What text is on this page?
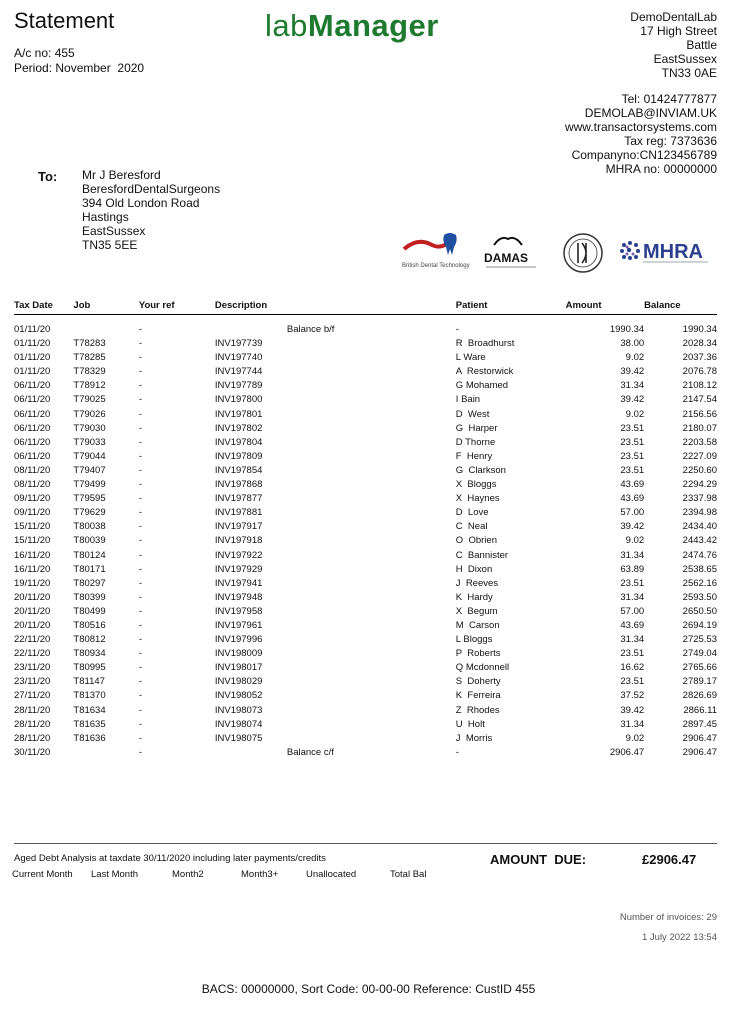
Statement
A/c no: 455
Period: November  2020
labManager	DemoDentalLab
17 High Street
Battle
EastSussex
TN33 0AE
Tel: 01424777877
DEMOLAB@INVIAM.UK
www.transactorsystems.com
Tax reg: 7373636
Companyno:CN123456789
MHRA no: 00000000
To: Mr J Beresford
BeresfordDentalSurgeons
394 Old London Road
Hastings
EastSussex
TN35 5EE
British Dental Technology
DAMAS	MHRA
Tax Date	Job	Your ref	Description	Patient	Amount	Balance

01/11/20		-	Balance b/f	-	1990.34	1990.34
01/11/20	T78283	-	INV197739	R  Broadhurst	38.00	2028.34
01/11/20	T78285	-	INV197740	L Ware	9.02	2037.36
01/11/20	T78329	-	INV197744	A  Restorwick	39.42	2076.78
06/11/20	T78912	-	INV197789	G Mohamed	31.34	2108.12
06/11/20	T79025	-	INV197800	I Bain	39.42	2147.54
06/11/20	T79026	-	INV197801	D  West	9.02	2156.56
06/11/20	T79030	-	INV197802	G  Harper	23.51	2180.07
06/11/20	T79033	-	INV197804	D Thorne	23.51	2203.58
06/11/20	T79044	-	INV197809	F  Henry	23.51	2227.09
08/11/20	T79407	-	INV197854	G  Clarkson	23.51	2250.60
08/11/20	T79499	-	INV197868	X  Bloggs	43.69	2294.29
09/11/20	T79595	-	INV197877	X  Haynes	43.69	2337.98
09/11/20	T79629	-	INV197881	D  Love	57.00	2394.98
15/11/20	T80038	-	INV197917	C  Neal	39.42	2434.40
15/11/20	T80039	-	INV197918	O  Obrien	9.02	2443.42
16/11/20	T80124	-	INV197922	C  Bannister	31.34	2474.76
16/11/20	T80171	-	INV197929	H  Dixon	63.89	2538.65
19/11/20	T80297	-	INV197941	J  Reeves	23.51	2562.16
20/11/20	T80399	-	INV197948	K  Hardy	31.34	2593.50
20/11/20	T80499	-	INV197958	X  Begum	57.00	2650.50
20/11/20	T80516	-	INV197961	M  Carson	43.69	2694.19
22/11/20	T80812	-	INV197996	L Bloggs	31.34	2725.53
22/11/20	T80934	-	INV198009	P  Roberts	23.51	2749.04
23/11/20	T80995	-	INV198017	Q Mcdonnell	16.62	2765.66
23/11/20	T81147	-	INV198029	S  Doherty	23.51	2789.17
27/11/20	T81370	-	INV198052	K  Ferreira	37.52	2826.69
28/11/20	T81634	-	INV198073	Z  Rhodes	39.42	2866.11
28/11/20	T81635	-	INV198074	U  Holt	31.34	2897.45
28/11/20	T81636	-	INV198075	J  Morris	9.02	2906.47
30/11/20		-	Balance c/f	-	2906.47	2906.47
Aged Debt Analysis at taxdate 30/11/2020 including later payments/credits
Current Month Last Month	Month2	Month3+	Unallocated	Total Bal
AMOUNT  DUE:	£2906.47
Number of invoices: 29
1 July 2022 13:54
BACS: 00000000, Sort Code: 00-00-00 Reference: CustID 455
